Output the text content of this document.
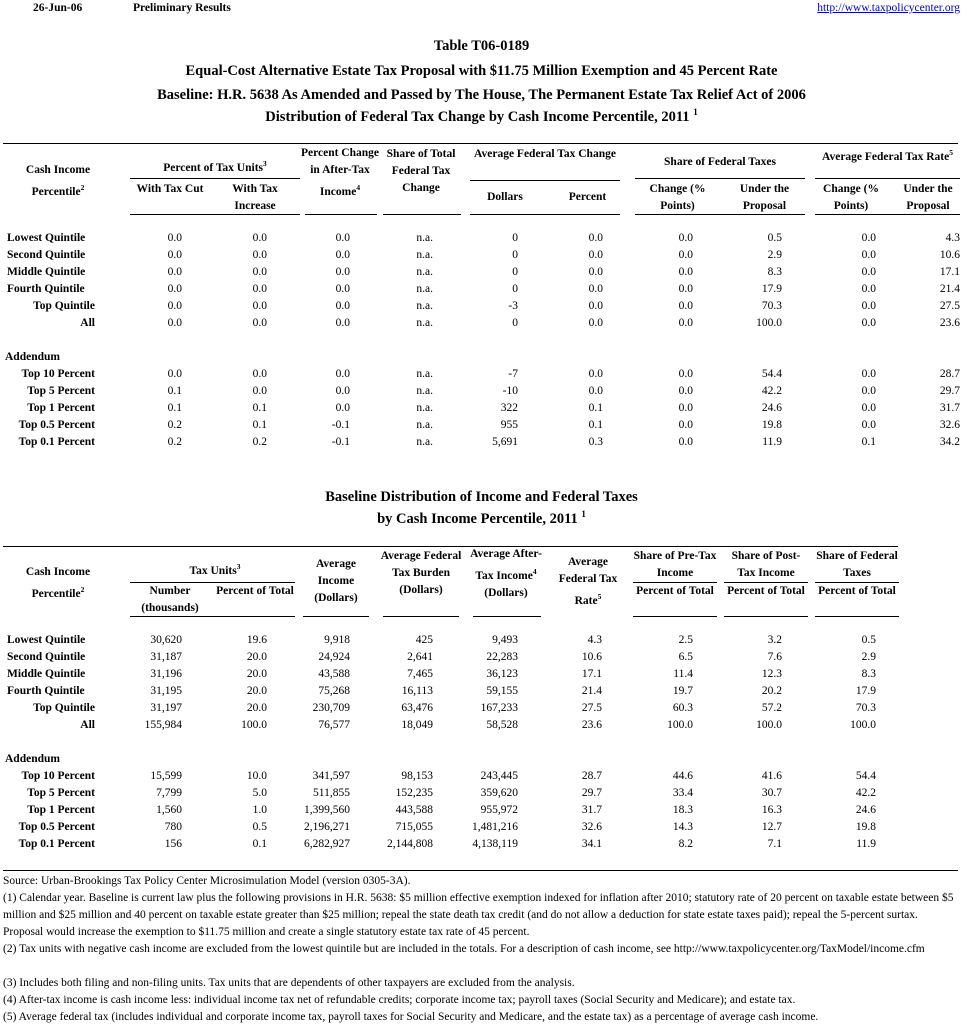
26-Jun-06	Preliminary Results	http://www.taxpolicycenter.org
Table T06-0189
Equal-Cost Alternative Estate Tax Proposal with $11.75 Million Exemption and 45 Percent Rate
Baseline: H.R. 5638 As Amended and Passed by The House, The Permanent Estate Tax Relief Act of 2006
Distribution of Federal Tax Change by Cash Income Percentile, 2011 $^1$
Cash Income Percentile$^2$
Percent of Tax Units$^3$
With Tax Cut	With Tax Increase
Percent Change in After-Tax Income$^4$
Share of Total Federal Tax Change
Average Federal Tax Change
Dollars	Percent
Share of Federal Taxes
Change (% Points)
Under the Proposal
Average Federal Tax Rate$^5$
Change (% Points)
Under the Proposal
Lowest Quintile	0.0	0.0	0.0	n.a.	0	0.0	0.0	0.5	0.0	4.3
Second Quintile	0.0	0.0	0.0	n.a.	0	0.0	0.0	2.9	0.0	10.6
Middle Quintile	0.0	0.0	0.0	n.a.	0	0.0	0.0	8.3	0.0	17.1
Fourth Quintile	0.0	0.0	0.0	n.a.	0	0.0	0.0	17.9	0.0	21.4
Top Quintile	0.0	0.0	0.0	n.a.	-3	0.0	0.0	70.3	0.0	27.5
All	0.0	0.0	0.0	n.a.	0	0.0	0.0	100.0	0.0	23.6
Addendum
Top 10 Percent	0.0	0.0	0.0	n.a.	-7	0.0	0.0	54.4	0.0	28.7
Top 5 Percent	0.1	0.0	0.0	n.a.	-10	0.0	0.0	42.2	0.0	29.7
Top 1 Percent	0.1	0.1	0.0	n.a.	322	0.1	0.0	24.6	0.0	31.7
Top 0.5 Percent	0.2	0.1	-0.1	n.a.	955	0.1	0.0	19.8	0.0	32.6
Top 0.1 Percent	0.2	0.2	-0.1	n.a.	5,691	0.3	0.0	11.9	0.1	34.2
Baseline Distribution of Income and Federal Taxes
by Cash Income Percentile, 2011 $^1$
Cash Income Percentile$^2$
Tax Units$^3$
Number (thousands)
Percent of Total
Average Income (Dollars)
Average Federal Tax Burden (Dollars)
Average After-Tax Income$^4$ (Dollars)
Average Federal Tax Rate$^5$
Share of Pre-Tax Income
Percent of Total
Share of Post-Tax Income
Percent of Total
Share of Federal Taxes
Percent of Total
Lowest Quintile	30,620	19.6	9,918	425	9,493	4.3	2.5	3.2	0.5
Second Quintile	31,187	20.0	24,924	2,641	22,283	10.6	6.5	7.6	2.9
Middle Quintile	31,196	20.0	43,588	7,465	36,123	17.1	11.4	12.3	8.3
Fourth Quintile	31,195	20.0	75,268	16,113	59,155	21.4	19.7	20.2	17.9
Top Quintile	31,197	20.0	230,709	63,476	167,233	27.5	60.3	57.2	70.3
All	155,984	100.0	76,577	18,049	58,528	23.6	100.0	100.0	100.0
Addendum
Top 10 Percent	15,599	10.0	341,597	98,153	243,445	28.7	44.6	41.6	54.4
Top 5 Percent	7,799	5.0	511,855	152,235	359,620	29.7	33.4	30.7	42.2
Top 1 Percent	1,560	1.0	1,399,560	443,588	955,972	31.7	18.3	16.3	24.6
Top 0.5 Percent	780	0.5	2,196,271	715,055	1,481,216	32.6	14.3	12.7	19.8
Top 0.1 Percent	156	0.1	6,282,927	2,144,808	4,138,119	34.1	8.2	7.1	11.9
Source: Urban-Brookings Tax Policy Center Microsimulation Model (version 0305-3A).
(1) Calendar year. Baseline is current law plus the following provisions in H.R. 5638: $5 million effective exemption indexed for inflation after 2010; statutory rate of 20 percent on taxable estate between $5 million and $25 million and 40 percent on taxable estate greater than $25 million; repeal the state death tax credit (and do not allow a deduction for state estate taxes paid); repeal the 5-percent surtax. Proposal would increase the exemption to $11.75 million and create a single statutory estate tax rate of 45 percent.
(2) Tax units with negative cash income are excluded from the lowest quintile but are included in the totals. For a description of cash income, see http://www.taxpolicycenter.org/TaxModel/income.cfm
(3) Includes both filing and non-filing units. Tax units that are dependents of other taxpayers are excluded from the analysis.
(4) After-tax income is cash income less: individual income tax net of refundable credits; corporate income tax; payroll taxes (Social Security and Medicare); and estate tax.
(5) Average federal tax (includes individual and corporate income tax, payroll taxes for Social Security and Medicare, and the estate tax) as a percentage of average cash income.
